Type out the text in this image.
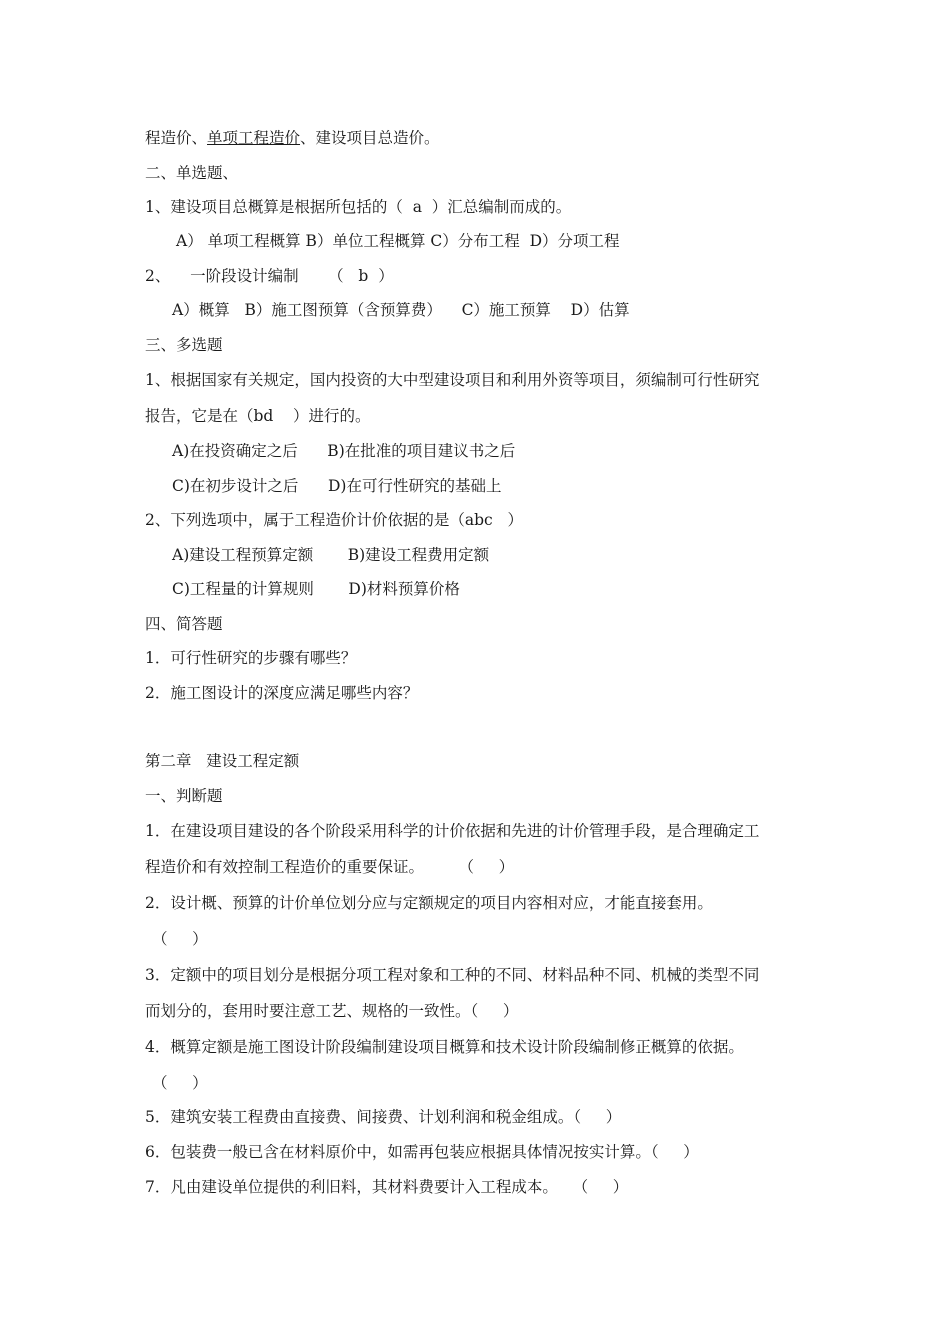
程造价、单项工程造价、建设项目总造价。
二、单选题、
1、建设项目总概算是根据所包括的（  a  ）汇总编制而成的。
A） 单项工程概算 B）单位工程概算 C）分布工程  D）分项工程
2、    一阶段设计编制      （   b  ）
A）概算   B）施工图预算（含预算费）    C）施工预算    D）估算
三、多选题
1、根据国家有关规定，国内投资的大中型建设项目和利用外资等项目，须编制可行性研究
报告，它是在（bd    ）进行的。
A)在投资确定之后      B)在批准的项目建议书之后
C)在初步设计之后      D)在可行性研究的基础上
2、下列选项中，属于工程造价计价依据的是（abc   ）
A)建设工程预算定额       B)建设工程费用定额
C)工程量的计算规则       D)材料预算价格
四、简答题
1．可行性研究的步骤有哪些？
2．施工图设计的深度应满足哪些内容？
第二章   建设工程定额
一、判断题
1．在建设项目建设的各个阶段采用科学的计价依据和先进的计价管理手段，是合理确定工
程造价和有效控制工程造价的重要保证。       （     ）
2．设计概、预算的计价单位划分应与定额规定的项目内容相对应，才能直接套用。
（     ）
3．定额中的项目划分是根据分项工程对象和工种的不同、材料品种不同、机械的类型不同
而划分的，套用时要注意工艺、规格的一致性。（     ）
4．概算定额是施工图设计阶段编制建设项目概算和技术设计阶段编制修正概算的依据。
（     ）
5．建筑安装工程费由直接费、间接费、计划利润和税金组成。（     ）
6．包装费一般已含在材料原价中，如需再包装应根据具体情况按实计算。（     ）
7．凡由建设单位提供的利旧料，其材料费要计入工程成本。   （     ）
